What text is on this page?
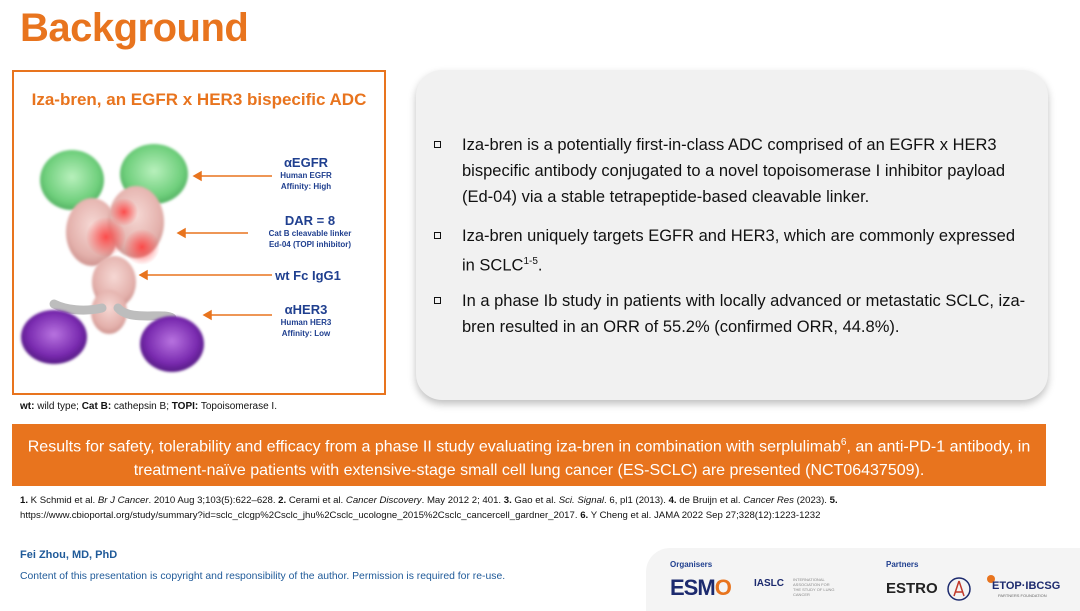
Background
Iza-bren, an EGFR x HER3 bispecific ADC
αEGFR
Human EGFR
Affinity: High
DAR = 8
Cat B cleavable linker
Ed-04 (TOPI inhibitor)
wt Fc IgG1
αHER3
Human HER3
Affinity: Low
wt: wild type; Cat B: cathepsin B; TOPI: Topoisomerase I.
Iza-bren is a potentially first-in-class ADC comprised of an EGFR x HER3 bispecific antibody conjugated to a novel topoisomerase I inhibitor payload (Ed-04) via a stable tetrapeptide-based cleavable linker.
Iza-bren uniquely targets EGFR and HER3, which are commonly expressed in SCLC$^{1-5}$.
In a phase Ib study in patients with locally advanced or metastatic SCLC, iza-bren resulted in an ORR of 55.2% (confirmed ORR, 44.8%).
Results for safety, tolerability and efficacy from a phase II study evaluating iza-bren in combination with serplulimab$^6$, an anti-PD-1 antibody, in treatment-naïve patients with extensive-stage small cell lung cancer (ES-SCLC) are presented (NCT06437509).
1. K Schmid et al. Br J Cancer. 2010 Aug 3;103(5):622–628. 2. Cerami et al. Cancer Discovery. May 2012 2; 401. 3. Gao et al. Sci. Signal. 6, pl1 (2013). 4. de Bruijn et al. Cancer Res (2023). 5.
https://www.cbioportal.org/study/summary?id=sclc_clcgp%2Csclc_jhu%2Csclc_ucologne_2015%2Csclc_cancercell_gardner_2017. 6. Y Cheng et al. JAMA 2022 Sep 27;328(12):1223-1232
Fei Zhou, MD, PhD
Content of this presentation is copyright and responsibility of the author. Permission is required for re-use.
Organisers	Partners
ESMO IASLC INTERNATIONAL ASSOCIATION FOR THE STUDY OF LUNG CANCER	ESTRO	ETOP·IBCSG
PARTNERS FOUNDATION
